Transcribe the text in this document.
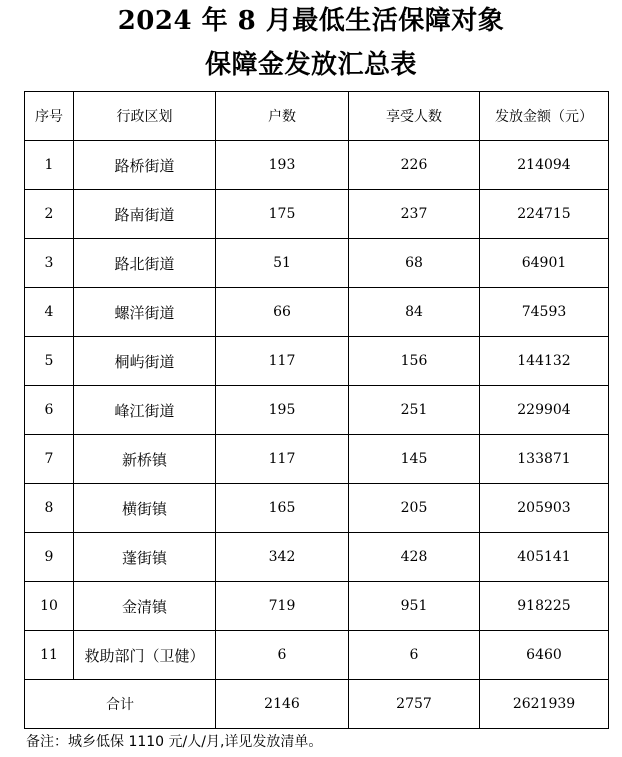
2024 年 8 月最低生活保障对象
保障金发放汇总表
序号	行政区划	户数	享受人数	发放金额（元）
1	路桥街道	193	226	214094
2	路南街道	175	237	224715
3	路北街道	51	68	64901
4	螺洋街道	66	84	74593
5	桐屿街道	117	156	144132
6	峰江街道	195	251	229904
7	新桥镇	117	145	133871
8	横街镇	165	205	205903
9	蓬街镇	342	428	405141
10	金清镇	719	951	918225
11	救助部门（卫健）	6	6	6460
合计		2146	2757	2621939
备注：城乡低保 1110 元/人/月,详见发放清单。
